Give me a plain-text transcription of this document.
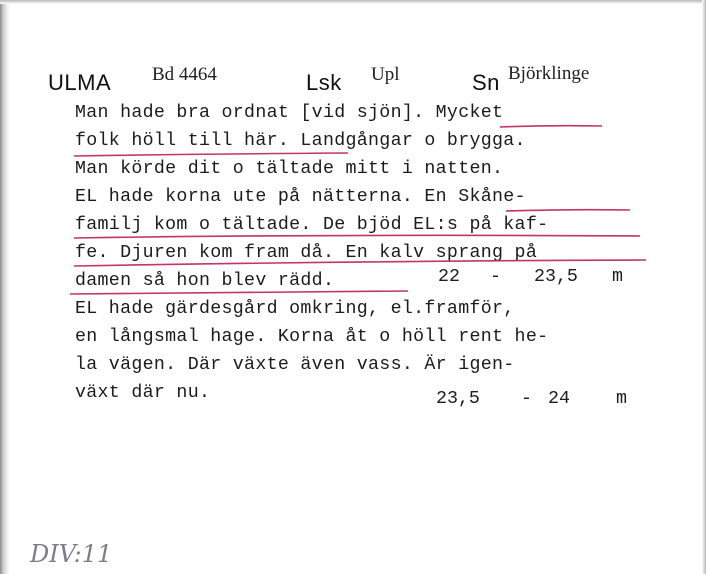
ULMA Bd 4464	Lsk Upl	Sn Björklinge
Man hade bra ordnat [vid sjön]. Mycket
folk höll till här. Landgångar o brygga.
Man körde dit o tältade mitt i natten.
EL hade korna ute på nätterna. En Skåne-
familj kom o tältade. De bjöd EL:s på kaf-
fe. Djuren kom fram då. En kalv sprang på
damen så hon blev rädd.
EL hade gärdesgård omkring, el.framför,
en långsmal hage. Korna åt o höll rent he-
la vägen. Där växte även vass. Är igen-
växt där nu.
22 - 23,5 m
23,5 - 24	m
DIV:11
